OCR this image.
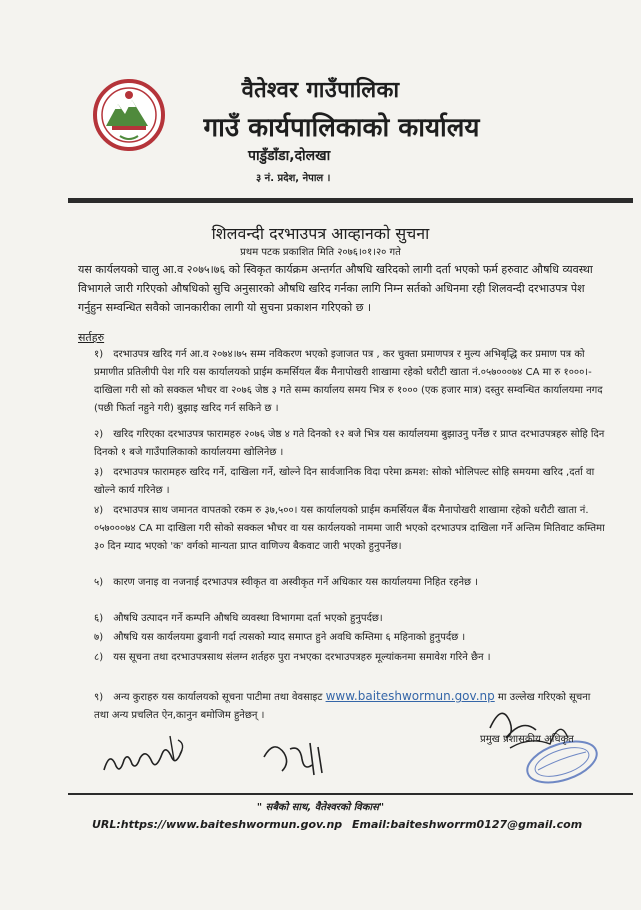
वैतेश्वर गाउँपालिका
गाउँ कार्यपालिकाको कार्यालय
पाडुँडाँडा,दोलखा
३ नं. प्रदेश, नेपाल ।
शिलवन्दी दरभाउपत्र आव्हानको सुचना
प्रथम पटक प्रकाशित मिति २०७६।०१।२० गते

यस कार्यलयको चालु आ.व २०७५।७६ को स्विकृत कार्यक्रम अन्तर्गत औषधि खरिदको लागी दर्ता भएको फर्म हरुवाट औषधि व्यवस्था विभागले जारी गरिएको औषधिको सुचि अनुसारको औषधि खरिद गर्नका लागि निम्न सर्तको अधिनमा रही शिलवन्दी दरभाउपत्र पेश गर्नुहुन सम्वन्धित सवैको जानकारीका लागी यो सुचना प्रकाशन गरिएको छ ।

सर्तहरु

१) दरभाउपत्र खरिद गर्न आ.व २०७४।७५ सम्म नविकरण भएको इजाजत पत्र , कर चुक्ता प्रमाणपत्र र मुल्य अभिबृद्धि कर प्रमाण पत्र को प्रमाणीत प्रतिलीपी पेश गरि यस कार्यालयको प्राईम कमर्सियल बैंक मैनापोखरी शाखामा रहेको धरौटी खाता नं.०५७०००७४ CA मा रु १०००।- दाखिला गरी सो को सक्कल भौचर वा २०७६ जेष्ठ ३ गते सम्म कार्यालय समय भित्र रु १००० (एक हजार मात्र) दस्तुर सम्वन्धित कार्यालयमा नगद (पछी फिर्ता नहुने गरी) बुझाइ खरिद गर्न सकिने छ ।

२) खरिद गरिएका दरभाउपत्र फारामहरु २०७६ जेष्ठ ४ गते दिनको १२ बजे भित्र यस कार्यालयमा बुझाउनु पर्नेछ र प्राप्त दरभाउपत्रहरु सोहि दिन दिनको १ बजे गाउँपालिकाको कार्यालयमा खोलिनेछ ।

३) दरभाउपत्र फारामहरु खरिद गर्ने, दाखिला गर्ने, खोल्ने दिन सार्वजानिक विदा परेमा क्रमश: सोको भोलिपल्ट सोहि समयमा खरिद ,दर्ता वा खोल्ने कार्य गरिनेछ ।

४) दरभाउपत्र साथ जमानत वापतको रकम रु ३७,५००। यस कार्यालयको प्राईम कमर्सियल बैंक मैनापोखरी शाखामा रहेको धरौटी खाता नं. ०५७०००७४ CA मा दाखिला गरी सोको सक्कल भौचर वा यस कार्यलयको नाममा जारी भएको दरभाउपत्र दाखिला गर्ने अन्तिम मितिवाट कम्तिमा ३० दिन म्याद भएको 'क' वर्गको मान्यता प्राप्त वाणिज्य बैकवाट जारी भएको हुनुपर्नेछ।

५) कारण जनाइ वा नजनाई दरभाउपत्र स्वीकृत वा अस्वीकृत गर्ने अधिकार यस कार्यालयमा निहित रहनेछ ।

६) औषधि उत्पादन गर्ने कम्पनि औषधि व्यवस्था विभागमा दर्ता भएको हुनुपर्दछ।

७) औषधि यस कार्यलयमा ढुवानी गर्दा त्यसको म्याद समाप्त हुने अवधि कम्तिमा ६ महिनाको हुनुपर्दछ ।

८) यस सूचना तथा दरभाउपत्रसाथ संलग्न शर्तहरु पुरा नभएका दरभाउपत्रहरु मूल्यांकनमा समावेश गरिने छैन ।

९) अन्य कुराहरु यस कार्यालयको सूचना पाटीमा तथा वेवसाइट www.baiteshwormun.gov.np मा उल्लेख गरिएको सूचना तथा अन्य प्रचलित ऐन,कानुन बमोजिम हुनेछन् ।

प्रमुख प्रशासकीय अधिकृत
" सबैको साथ, वैतेश्वरको विकास"
URL:https://www.baiteshwormun.gov.np Email:baiteshworrm0127@gmail.com
